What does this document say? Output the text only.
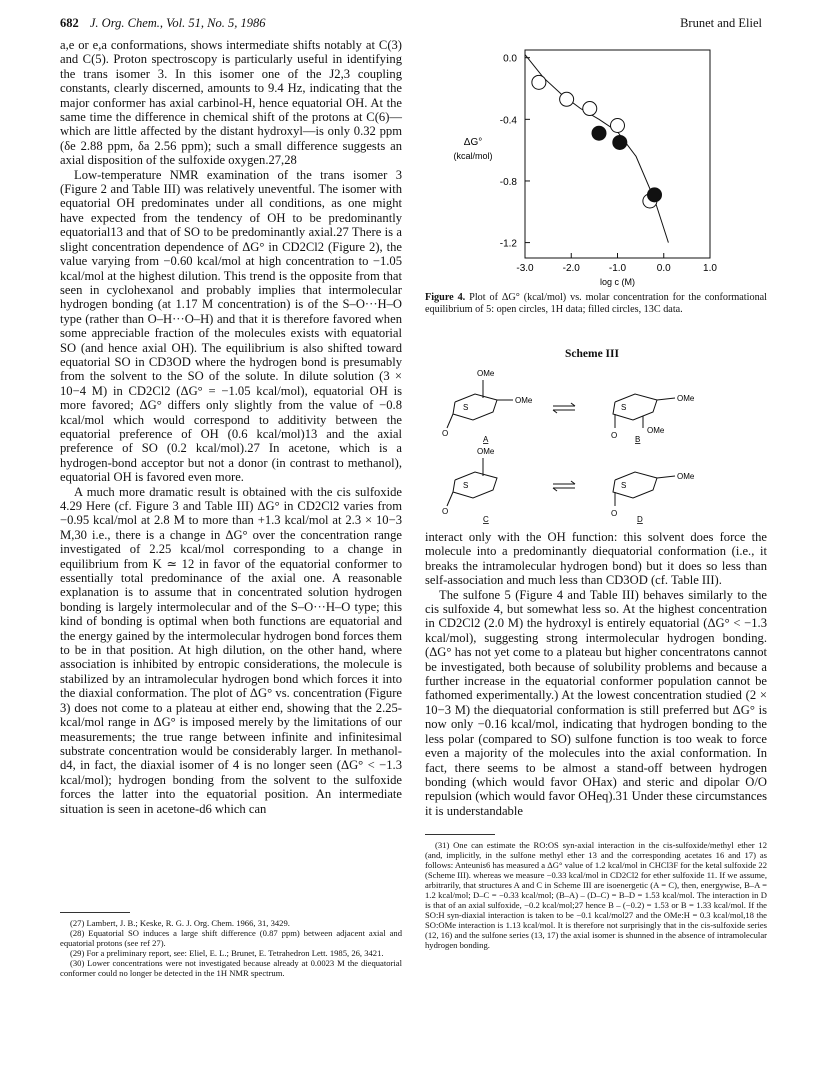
682 J. Org. Chem., Vol. 51, No. 5, 1986	Brunet and Eliel

a,e or e,a conformations, shows intermediate shifts notably at C(3) and C(5). Proton spectroscopy is particularly useful in identifying the trans isomer 3. In this isomer one of the J2,3 coupling constants, clearly discerned, amounts to 9.4 Hz, indicating that the major conformer has axial carbinol-H, hence equatorial OH. At the same time the difference in chemical shift of the protons at C(6)—which are little affected by the distant hydroxyl—is only 0.32 ppm (δe 2.88 ppm, δa 2.56 ppm); such a small difference suggests an axial disposition of the sulfoxide oxygen.27,28

Low-temperature NMR examination of the trans isomer 3 (Figure 2 and Table III) was relatively uneventful. The isomer with equatorial OH predominates under all conditions, as one might have expected from the tendency of OH to be predominantly equatorial13 and that of SO to be predominantly axial.27 There is a slight concentration dependence of ΔG° in CD2Cl2 (Figure 2), the value varying from −0.60 kcal/mol at high concentration to −1.05 kcal/mol at the highest dilution. This trend is the opposite from that seen in cyclohexanol and probably implies that intermolecular hydrogen bonding (at 1.17 M concentration) is of the S–O···H–O type (rather than O–H···O–H) and that it is therefore favored when some appreciable fraction of the molecules exists with equatorial SO (and hence axial OH). The equilibrium is also shifted toward equatorial SO in CD3OD where the hydrogen bond is presumably from the solvent to the SO of the solute. In dilute solution (3 × 10−4 M) in CD2Cl2 (ΔG° = −1.05 kcal/mol), equatorial OH is more favored; ΔG° differs only slightly from the value of −0.8 kcal/mol which would correspond to additivity between the equatorial preference of OH (0.6 kcal/mol)13 and the axial preference of SO (0.2 kcal/mol).27 In acetone, which is a hydrogen-bond acceptor but not a donor (in contrast to methanol), equatorial OH is favored even more.

A much more dramatic result is obtained with the cis sulfoxide 4.29 Here (cf. Figure 3 and Table III) ΔG° in CD2Cl2 varies from −0.95 kcal/mol at 2.8 M to more than +1.3 kcal/mol at 2.3 × 10−3 M,30 i.e., there is a change in ΔG° over the concentration range investigated of 2.25 kcal/mol corresponding to a change in equilibrium from K ≃ 12 in favor of the equatorial conformer to essentially total predominance of the axial one. A reasonable explanation is to assume that in concentrated solution hydrogen bonding is largely intermolecular and of the S–O···H–O type; this kind of bonding is optimal when both functions are equatorial and the energy gained by the intermolecular hydrogen bond forces them to be in that position. At high dilution, on the other hand, where association is inhibited by entropic considerations, the molecule is stabilized by an intramolecular hydrogen bond which forces it into the diaxial conformation. The plot of ΔG° vs. concentration (Figure 3) does not come to a plateau at either end, showing that the 2.25-kcal/mol range in ΔG° is imposed merely by the limitations of our measurements; the true range between infinite and infinitesimal substrate concentration would be considerably larger. In methanol-d4, in fact, the diaxial isomer of 4 is no longer seen (ΔG° < −1.3 kcal/mol); hydrogen bonding from the solvent to the sulfoxide forces the latter into the equatorial position. An intermediate situation is seen in acetone-d6 which can

(27) Lambert, J. B.; Keske, R. G. J. Org. Chem. 1966, 31, 3429.

(28) Equatorial SO induces a large shift difference (0.87 ppm) between adjacent axial and equatorial protons (see ref 27).

(29) For a preliminary report, see: Eliel, E. L.; Brunet, E. Tetrahedron Lett. 1985, 26, 3421.

(30) Lower concentrations were not investigated because already at 0.0023 M the diequatorial conformer could no longer be detected in the 1H NMR spectrum.

0.0
-0.4
-0.8
-1.2
-3.0	-2.0	-1.0	0.0	1.0
ΔG°
(kcal/mol)
log c (M)
Figure 4. Plot of ΔG° (kcal/mol) vs. molar concentration for the conformational equilibrium of 5: open circles, 1H data; filled circles, 13C data.
Scheme III
OMe
OMe
S
O
A
OMe
OMe
S
O B
OMe
S
O
C
OMe
S
O
D

interact only with the OH function: this solvent does force the molecule into a predominantly diequatorial conformation (i.e., it breaks the intramolecular hydrogen bond) but it does so less than self-association and much less than CD3OD (cf. Table III).

The sulfone 5 (Figure 4 and Table III) behaves similarly to the cis sulfoxide 4, but somewhat less so. At the highest concentration in CD2Cl2 (2.0 M) the hydroxyl is entirely equatorial (ΔG° < −1.3 kcal/mol), suggesting strong intermolecular hydrogen bonding. (ΔG° has not yet come to a plateau but higher concentratons cannot be investigated, both because of solubility problems and because a further increase in the equatorial conformer population cannot be fathomed experimentally.) At the lowest concentration studied (2 × 10−3 M) the diequatorial conformation is still preferred but ΔG° is now only −0.16 kcal/mol, indicating that hydrogen bonding to the less polar (compared to SO) sulfone function is too weak to force even a majority of the molecules into the axial conformation. In fact, there seems to be almost a stand-off between hydrogen bonding (which would favor OHax) and steric and dipolar O/O repulsion (which would favor OHeq).31 Under these circumstances it is understandable

(31) One can estimate the RO:OS syn-axial interaction in the cis-sulfoxide/methyl ether 12 (and, implicitly, in the sulfone methyl ether 13 and the corresponding acetates 16 and 17) as follows: Anteunis6 has measured a ΔG° value of 1.2 kcal/mol in CHCl3F for the ketal sulfoxide 22 (Scheme III). whereas we measure −0.33 kcal/mol in CD2Cl2 for ether sulfoxide 11. If we assume, arbitrarily, that structures A and C in Scheme III are isoenergetic (A = C), then, energywise, B–A = 1.2 kcal/mol; D–C = −0.33 kcal/mol; (B–A) – (D–C) = B–D = 1.53 kcal/mol. The interaction in D is that of an axial sulfoxide, −0.2 kcal/mol;27 hence B – (−0.2) = 1.53 or B = 1.33 kcal/mol. If the SO:H syn-diaxial interaction is taken to be −0.1 kcal/mol27 and the OMe:H = 0.3 kcal/mol,18 the SO:OMe interaction is 1.13 kcal/mol. It is therefore not surprisingly that in the cis-sulfoxide series (12, 16) and the sulfone series (13, 17) the axial isomer is shunned in the absence of intramolecular hydrogen bonding.
